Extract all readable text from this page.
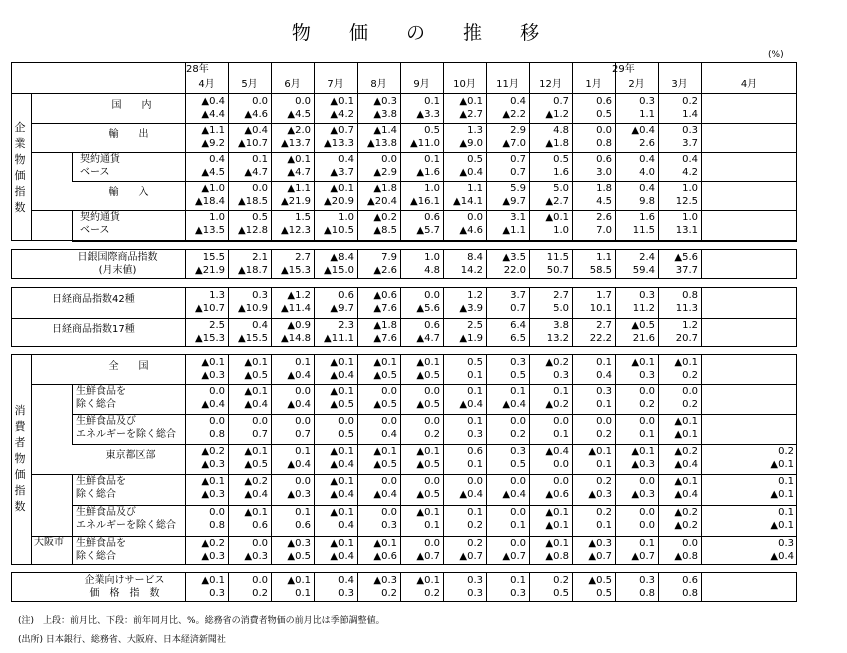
物 価 の 推 移
(%)
28年	29年
企業物価指数
消費者物価指数
4月	5月	6月	7月	8月	9月	10月	11月	12月	1月	2月	3月	4月
大阪市
国　　内	▲0.4	0.0	0.0	▲0.1	▲0.3	0.1	▲0.1	0.4	0.7	0.6	0.3	0.2
▲4.4	▲4.6	▲4.5	▲4.2	▲3.8	▲3.3	▲2.7	▲2.2	▲1.2	0.5	1.1	1.4
輸　　出	▲1.1	▲0.4	▲2.0	▲0.7	▲1.4	0.5	1.3	2.9	4.8	0.0	▲0.4	0.3
▲9.2	▲10.7	▲13.7	▲13.3	▲13.8	▲11.0	▲9.0	▲7.0	▲1.8	0.8	2.6	3.7
契約通貨
ベース
0.4	0.1	▲0.1	0.4	0.0	0.1	0.5	0.7	0.5	0.6	0.4	0.4
▲4.5	▲4.7	▲4.7	▲3.7	▲2.9	▲1.6	▲0.4	0.7	1.6	3.0	4.0	4.2
輸　　入	▲1.0	0.0	▲1.1	▲0.1	▲1.8	1.0	1.1	5.9	5.0	1.8	0.4	1.0
▲18.4	▲18.5	▲21.9	▲20.9	▲20.4	▲16.1	▲14.1	▲9.7	▲2.7	4.5	9.8	12.5
契約通貨
ベース
1.0	0.5	1.5	1.0	▲0.2	0.6	0.0	3.1	▲0.1	2.6	1.6	1.0
▲13.5	▲12.8	▲12.3	▲10.5	▲8.5	▲5.7	▲4.6	▲1.1	1.0	7.0	11.5	13.1
日銀国際商品指数
(月末値)
15.5	2.1	2.7	▲8.4	7.9	1.0	8.4	▲3.5	11.5	1.1	2.4	▲5.6
▲21.9	▲18.7	▲15.3	▲15.0	▲2.6	4.8	14.2	22.0	50.7	58.5	59.4	37.7
日経商品指数42種	1.3	0.3	▲1.2	0.6	▲0.6	0.0	1.2	3.7	2.7	1.7	0.3	0.8
▲10.7	▲10.9	▲11.4	▲9.7	▲7.6	▲5.6	▲3.9	0.7	5.0	10.1	11.2	11.3
日経商品指数17種	2.5	0.4	▲0.9	2.3	▲1.8	0.6	2.5	6.4	3.8	2.7	▲0.5	1.2
▲15.3	▲15.5	▲14.8	▲11.1	▲7.6	▲4.7	▲1.9	6.5	13.2	22.2	21.6	20.7
全　　国	▲0.1	▲0.1	0.1	▲0.1	▲0.1	▲0.1	0.5	0.3	▲0.2	0.1	▲0.1	▲0.1
▲0.3	▲0.5	▲0.4	▲0.4	▲0.5	▲0.5	0.1	0.5	0.3	0.4	0.3	0.2
生鮮食品を
除く総合
0.0	▲0.1	0.0	▲0.1	0.0	0.0	0.1	0.1	0.1	0.3	0.0	0.0
▲0.4	▲0.4	▲0.4	▲0.5	▲0.5	▲0.5	▲0.4	▲0.4	▲0.2	0.1	0.2	0.2
生鮮食品及び
エネルギーを除く総合
0.0	0.0	0.0	0.0	0.0	0.0	0.1	0.0	0.0	0.0	0.0	▲0.1
0.8	0.7	0.7	0.5	0.4	0.2	0.3	0.2	0.1	0.2	0.1	▲0.1
東京都区部	▲0.2	▲0.1	0.1	▲0.1	▲0.1	▲0.1	0.6	0.3	▲0.4	▲0.1	▲0.1	▲0.2	0.2
▲0.3	▲0.5	▲0.4	▲0.4	▲0.5	▲0.5	0.1	0.5	0.0	0.1	▲0.3	▲0.4	▲0.1
生鮮食品を
除く総合
▲0.1	▲0.2	0.0	▲0.1	0.0	0.0	0.0	0.0	0.0	0.2	0.0	▲0.1	0.1
▲0.3	▲0.4	▲0.3	▲0.4	▲0.4	▲0.5	▲0.4	▲0.4	▲0.6	▲0.3	▲0.3	▲0.4	▲0.1
生鮮食品及び
エネルギーを除く総合
0.0	▲0.1	0.1	▲0.1	0.0	▲0.1	0.1	0.0	▲0.1	0.2	0.0	▲0.2	0.1
0.8	0.6	0.6	0.4	0.3	0.1	0.2	0.1	▲0.1	0.1	0.0	▲0.2	▲0.1
生鮮食品を
除く総合
▲0.2	0.0	▲0.3	▲0.1	▲0.1	0.0	0.2	0.0	▲0.1	▲0.3	0.1	0.0	0.3
▲0.3	▲0.3	▲0.5	▲0.4	▲0.6	▲0.7	▲0.7	▲0.7	▲0.8	▲0.7	▲0.7	▲0.8	▲0.4
企業向けサービス
価　格　指　数
▲0.1	0.0	▲0.1	0.4	▲0.3	▲0.1	0.3	0.1	0.2	▲0.5	0.3	0.6
0.3	0.2	0.1	0.3	0.2	0.2	0.3	0.3	0.5	0.5	0.8	0.8
(注)　上段：前月比、下段：前年同月比、%。総務省の消費者物価の前月比は季節調整値。
(出所) 日本銀行、総務省、大阪府、日本経済新聞社
